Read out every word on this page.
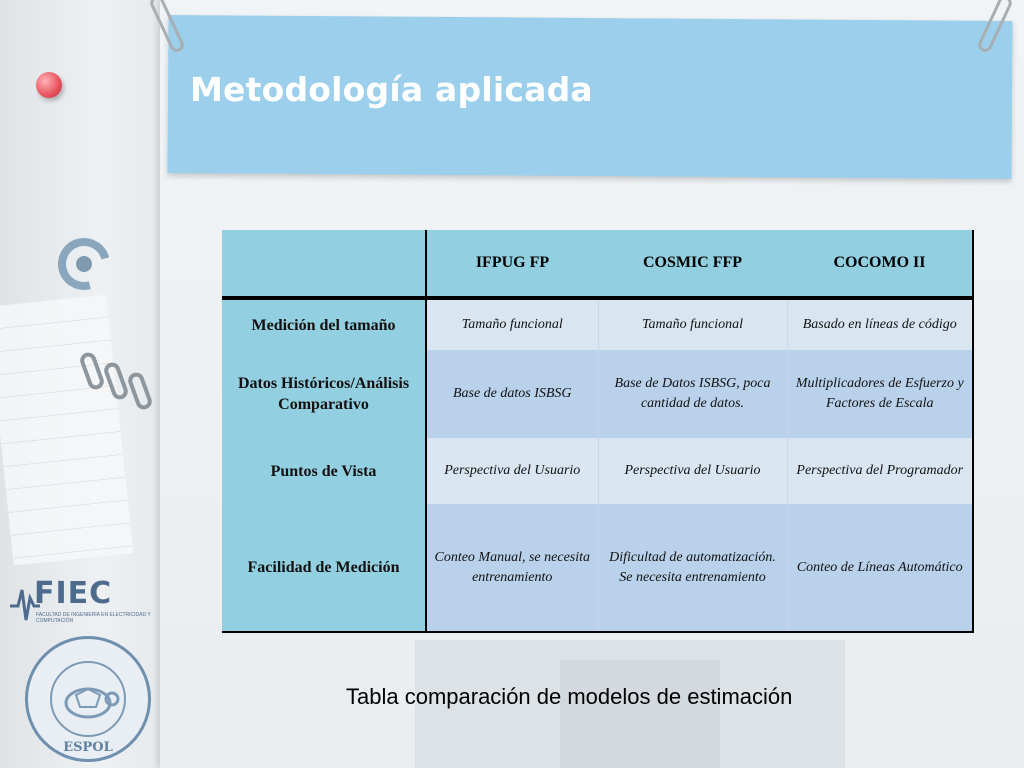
Metodología aplicada
FIEC
FACULTAD DE INGENIERÍA EN ELECTRICIDAD Y COMPUTACIÓN
ESPOL
	IFPUG FP	COSMIC FFP	COCOMO II
Medición del tamaño	Tamaño funcional	Tamaño funcional	Basado en líneas de código
Datos Históricos/Análisis Comparativo	Base de datos ISBSG	Base de Datos ISBSG, poca cantidad de datos.	Multiplicadores de Esfuerzo y Factores de Escala
Puntos de Vista	Perspectiva del Usuario	Perspectiva del Usuario	Perspectiva del Programador
Facilidad de Medición	Conteo Manual, se necesita entrenamiento	Dificultad de automatización. Se necesita entrenamiento	Conteo de Líneas Automático

Tabla comparación de modelos de estimación
